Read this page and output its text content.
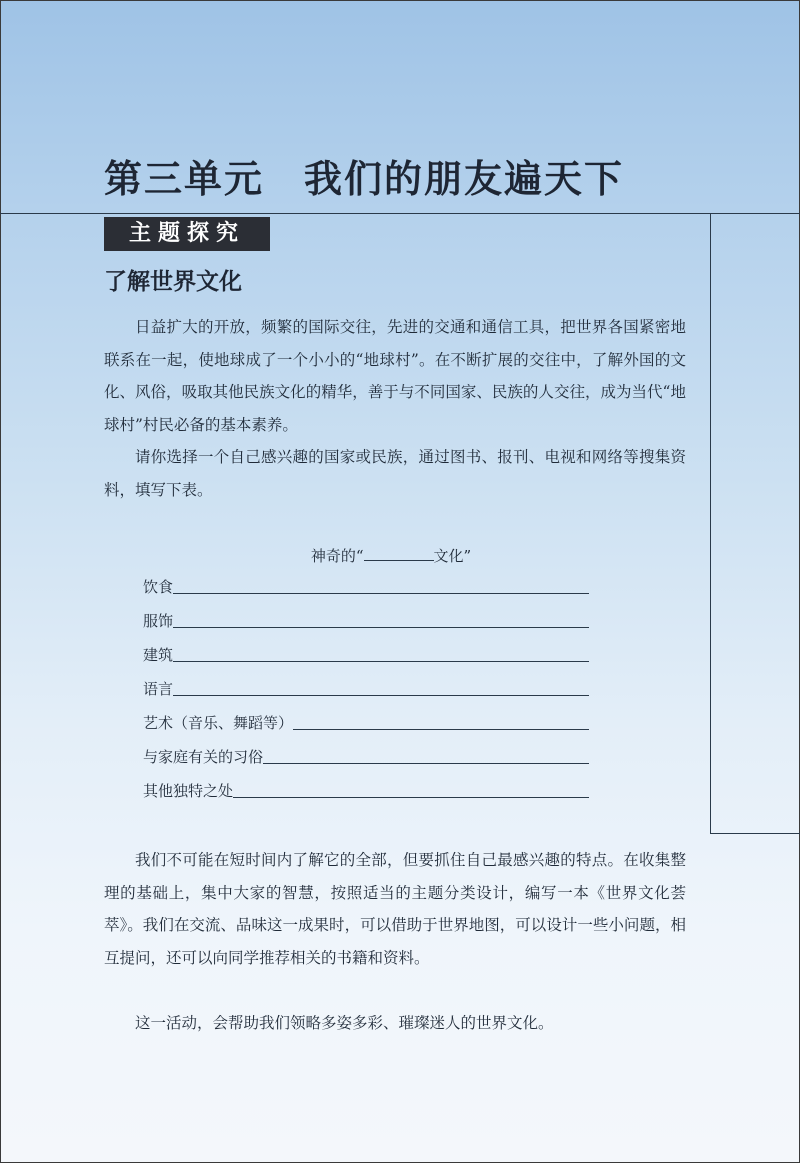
第三单元 我们的朋友遍天下
主题探究
了解世界文化

日益扩大的开放，频繁的国际交往，先进的交通和通信工具，把世界各国紧密地联系在一起，使地球成了一个小小的“地球村”。在不断扩展的交往中，了解外国的文化、风俗，吸取其他民族文化的精华，善于与不同国家、民族的人交往，成为当代“地球村”村民必备的基本素养。

请你选择一个自己感兴趣的国家或民族，通过图书、报刊、电视和网络等搜集资料，填写下表。

神奇的“	文化”
饮食
服饰
建筑
语言
艺术（音乐、舞蹈等）
与家庭有关的习俗
其他独特之处

我们不可能在短时间内了解它的全部，但要抓住自己最感兴趣的特点。在收集整理的基础上，集中大家的智慧，按照适当的主题分类设计，编写一本《世界文化荟萃》。我们在交流、品味这一成果时，可以借助于世界地图，可以设计一些小问题，相互提问，还可以向同学推荐相关的书籍和资料。

这一活动，会帮助我们领略多姿多彩、璀璨迷人的世界文化。
